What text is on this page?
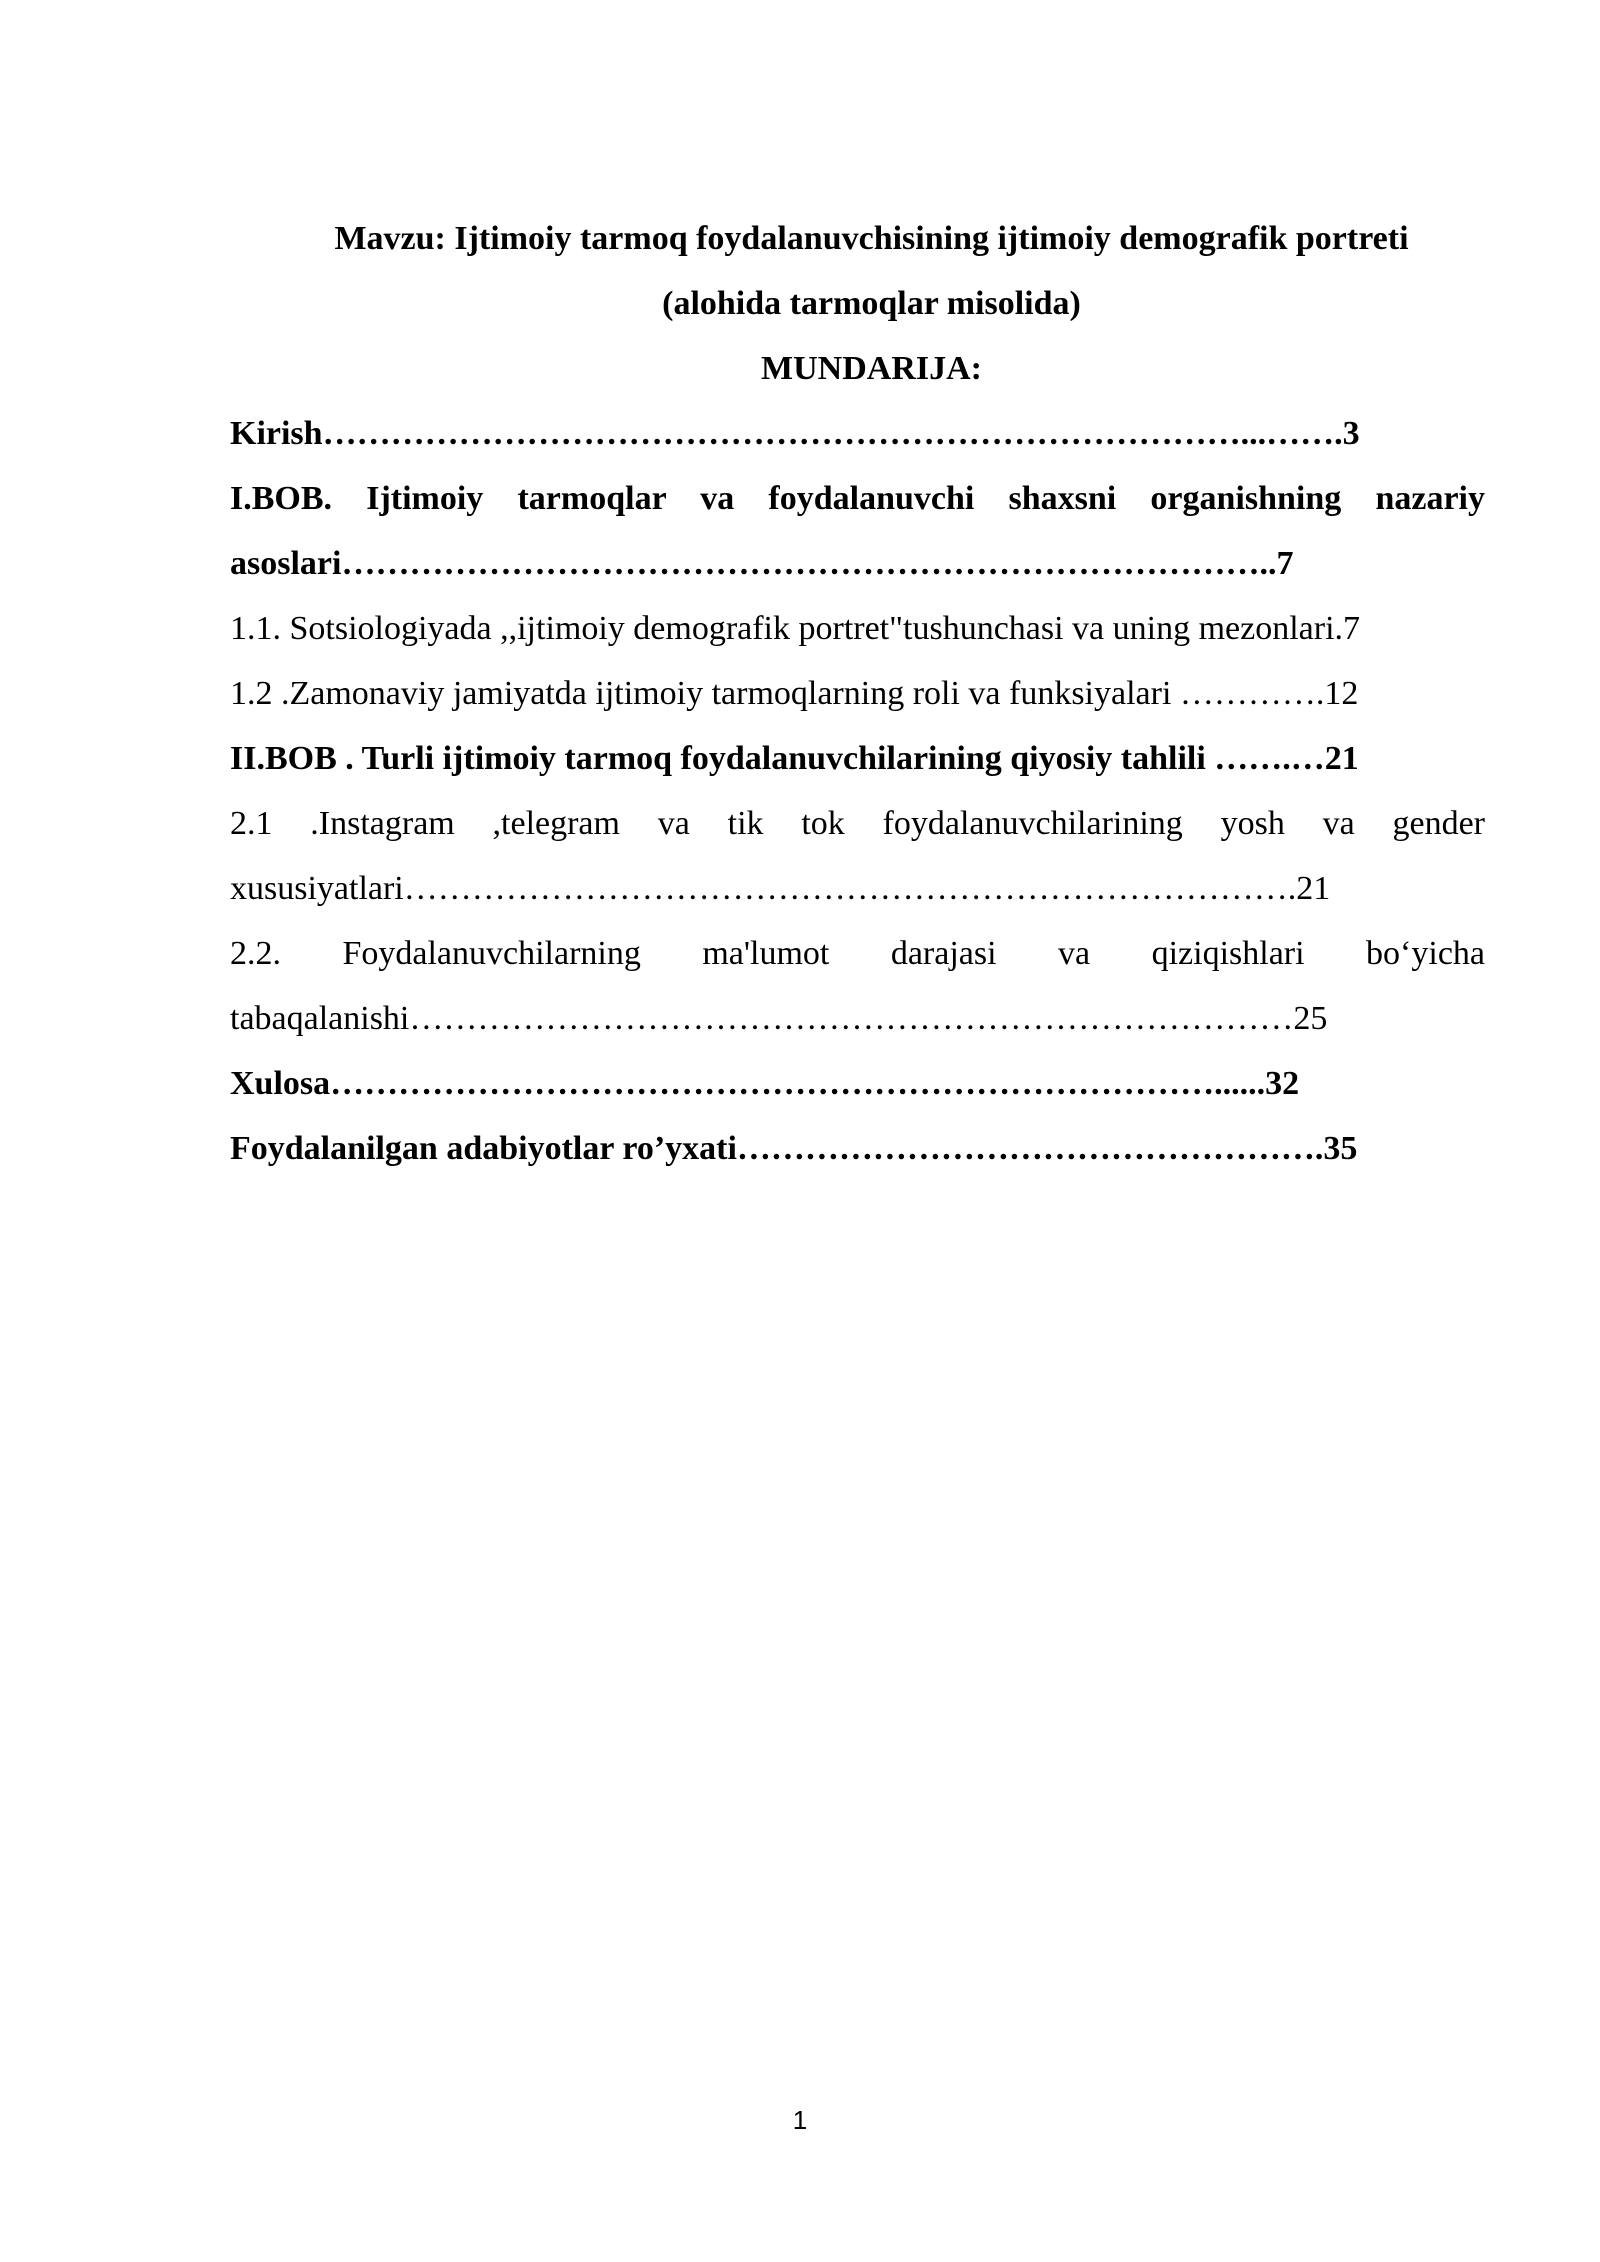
Mavzu: Ijtimoiy tarmoq foydalanuvchisining ijtimoiy demografik portreti
(alohida tarmoqlar misolida)
MUNDARIJA:
Kirish………………………………………………………………………...…….3
I.BOB. Ijtimoiy tarmoqlar va foydalanuvchi shaxsni organishning nazariy
asoslari………………………………………………………………………..7
1.1. Sotsiologiyada ,,ijtimoiy demografik portret"tushunchasi va uning mezonlari.7
1.2 .Zamonaviy jamiyatda ijtimoiy tarmoqlarning roli va funksiyalari ………….12
II.BOB . Turli ijtimoiy tarmoq foydalanuvchilarining qiyosiy tahlili …….…21
2.1 .Instagram ,telegram va tik tok foydalanuvchilarining yosh va gender
xususiyatlari…………………………………………………………………….21
2.2. Foydalanuvchilarning ma'lumot darajasi va qiziqishlari bo‘yicha
tabaqalanishi……………………………………………………………………25
Xulosa……………………………………………………………………......32
Foydalanilgan adabiyotlar ro’yxati…………………………………………….35
1
